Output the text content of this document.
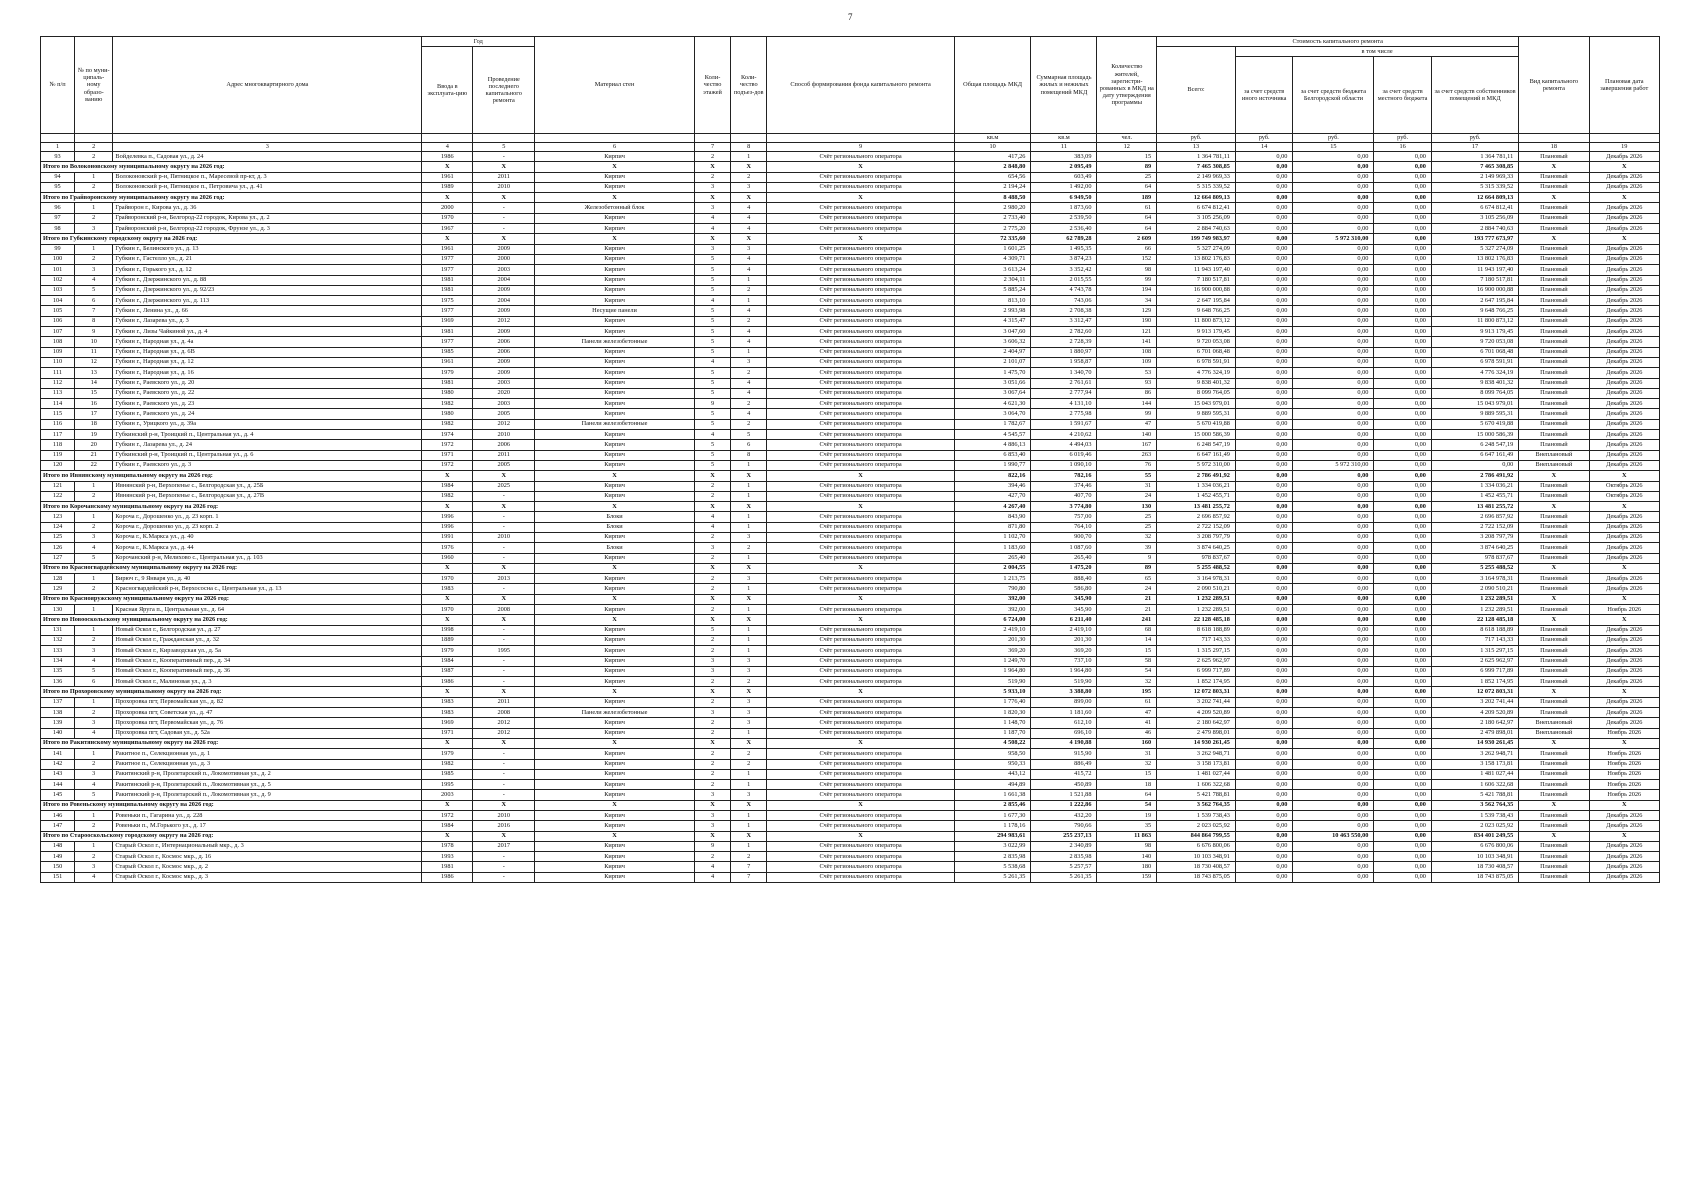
7
№ п/п	№ по муни-ципаль-ному образо-ванию	Адрес многоквартирного дома	Год		Материал стен	Коли-чество этажей	Коли-чество подъез-дов	Способ формирования фонда капитального ремонта	Общая площадь МКД	Суммарная площадь жилых и нежилых помещений МКД	Количество жителей, зарегистри-рованных в МКД на дату утверждения программы	Стоимость капитального ремонта					Вид капитального ремонта	Плановая дата завершения работ
			Ввода в эксплуата-цию	Проведение последнего капитального ремонта								Всего:	в том числе					
													за счет средств иного источника	за счет средств бюджета Белгородской области	за счет средств местного бюджета	за счет средств собственников помещений в МКД		
									кв.м	кв.м	чел.	руб.	руб.	руб.	руб.	руб.		
1	2	3	4	5	6	7	8	9	10	11	12	13	14	15	16	17	18	19
93	2	Войделевка п., Садовая ул., д. 24	1986	-	Кирпич	2	1	Счёт регионального оператора	417,26	383,09	15	1 364 781,11	0,00	0,00	0,00	1 364 781,11	Плановый	Декабрь 2026
Итого по Волоконовскому муниципальному округу на 2026 год:			X	X	X	X	X	X	2 848,80	2 095,49	89	7 465 308,85	0,00	0,00	0,00	7 465 308,85	X	X
94	1	Волоконовский р-н, Пятницкое п., Маресевой пр-кт, д. 3	1961	2011	Кирпич	2	2	Счёт регионального оператора	654,56	603,49	25	2 149 969,33	0,00	0,00	0,00	2 149 969,33	Плановый	Декабрь 2026
95	2	Волоконовский р-н, Пятницкое п., Петровича ул., д. 41	1989	2010	Кирпич	3	3	Счёт регионального оператора	2 194,24	1 492,00	64	5 315 339,52	0,00	0,00	0,00	5 315 339,52	Плановый	Декабрь 2026
Итого по Грайворонскому муниципальному округу на 2026 год:			X	X	X	X	X	X	8 488,50	6 949,50	189	12 664 809,13	0,00	0,00	0,00	12 664 809,13	X	X
96	1	Грайворон г., Кирова ул., д. 36	2000	-	Железобетонный блок	3	4	Счёт регионального оператора	2 980,20	1 873,60	61	6 674 812,41	0,00	0,00	0,00	6 674 812,41	Плановый	Декабрь 2026
97	2	Грайворонский р-н, Белгород-22 городок, Кирова ул., д. 2	1970	-	Кирпич	4	4	Счёт регионального оператора	2 733,40	2 539,50	64	3 105 256,09	0,00	0,00	0,00	3 105 256,09	Плановый	Декабрь 2026
98	3	Грайворонский р-н, Белгород-22 городок, Фрунзе ул., д. 3	1967	-	Кирпич	4	4	Счёт регионального оператора	2 775,20	2 536,40	64	2 884 740,63	0,00	0,00	0,00	2 884 740,63	Плановый	Декабрь 2026
Итого по Губкинскому городскому округу на 2026 год:			X	X	X	X	X	X	72 335,60	62 789,28	2 609	199 749 983,97	0,00	5 972 310,00	0,00	193 777 673,97	X	X
99	1	Губкин г., Белинского ул., д. 13	1961	2009	Кирпич	3	3	Счёт регионального оператора	1 601,25	1 495,35	66	5 327 274,09	0,00	0,00	0,00	5 327 274,09	Плановый	Декабрь 2026
100	2	Губкин г., Гастелло ул., д. 21	1977	2000	Кирпич	5	4	Счёт регионального оператора	4 309,71	3 874,23	152	13 802 176,83	0,00	0,00	0,00	13 802 176,83	Плановый	Декабрь 2026
101	3	Губкин г., Горького ул., д. 12	1977	2003	Кирпич	5	4	Счёт регионального оператора	3 613,24	3 352,42	98	11 943 197,40	0,00	0,00	0,00	11 943 197,40	Плановый	Декабрь 2026
102	4	Губкин г., Дзержинского ул., д. 88	1981	2004	Кирпич	5	1	Счёт регионального оператора	2 304,11	2 015,55	99	7 180 517,81	0,00	0,00	0,00	7 180 517,81	Плановый	Декабрь 2026
103	5	Губкин г., Дзержинского ул., д. 92/23	1981	2009	Кирпич	5	2	Счёт регионального оператора	5 885,24	4 743,78	194	16 900 000,88	0,00	0,00	0,00	16 900 000,88	Плановый	Декабрь 2026
104	6	Губкин г., Дзержинского ул., д. 113	1975	2004	Кирпич	4	1	Счёт регионального оператора	813,10	743,06	34	2 647 195,84	0,00	0,00	0,00	2 647 195,84	Плановый	Декабрь 2026
105	7	Губкин г., Ленина ул., д. 66	1977	2009	Несущие панели	5	4	Счёт регионального оператора	2 993,98	2 708,38	129	9 648 766,25	0,00	0,00	0,00	9 648 766,25	Плановый	Декабрь 2026
106	8	Губкин г., Лазарева ул., д. 3	1969	2012	Кирпич	5	2	Счёт регионального оператора	4 315,47	3 312,47	190	11 800 873,12	0,00	0,00	0,00	11 800 873,12	Плановый	Декабрь 2026
107	9	Губкин г., Лизы Чайкиной ул., д. 4	1981	2009	Кирпич	5	4	Счёт регионального оператора	3 047,60	2 782,60	121	9 913 179,45	0,00	0,00	0,00	9 913 179,45	Плановый	Декабрь 2026
108	10	Губкин г., Народная ул., д. 4а	1977	2006	Панели железобетонные	5	4	Счёт регионального оператора	3 606,32	2 728,39	141	9 720 053,08	0,00	0,00	0,00	9 720 053,08	Плановый	Декабрь 2026
109	11	Губкин г., Народная ул., д. 6В	1985	2006	Кирпич	5	1	Счёт регионального оператора	2 404,97	1 880,97	108	6 701 068,48	0,00	0,00	0,00	6 701 068,48	Плановый	Декабрь 2026
110	12	Губкин г., Народная ул., д. 12	1961	2009	Кирпич	4	3	Счёт регионального оператора	2 101,07	1 958,87	109	6 978 591,91	0,00	0,00	0,00	6 978 591,91	Плановый	Декабрь 2026
111	13	Губкин г., Народная ул., д. 16	1979	2009	Кирпич	5	2	Счёт регионального оператора	1 475,70	1 340,70	53	4 776 324,19	0,00	0,00	0,00	4 776 324,19	Плановый	Декабрь 2026
112	14	Губкин г., Раевского ул., д. 20	1981	2003	Кирпич	5	4	Счёт регионального оператора	3 051,66	2 761,61	93	9 838 401,32	0,00	0,00	0,00	9 838 401,32	Плановый	Декабрь 2026
113	15	Губкин г., Раевского ул., д. 22	1980	2020	Кирпич	5	4	Счёт регионального оператора	3 067,64	2 777,94	86	8 099 764,05	0,00	0,00	0,00	8 099 764,05	Плановый	Декабрь 2026
114	16	Губкин г., Раевского ул., д. 23	1982	2003	Кирпич	9	2	Счёт регионального оператора	4 621,30	4 131,10	144	15 043 979,01	0,00	0,00	0,00	15 043 979,01	Плановый	Декабрь 2026
115	17	Губкин г., Раевского ул., д. 24	1980	2005	Кирпич	5	4	Счёт регионального оператора	3 064,70	2 775,98	99	9 889 595,31	0,00	0,00	0,00	9 889 595,31	Плановый	Декабрь 2026
116	18	Губкин г., Урицкого ул., д. 39а	1982	2012	Панели железобетонные	5	2	Счёт регионального оператора	1 782,67	1 591,67	47	5 670 419,88	0,00	0,00	0,00	5 670 419,88	Плановый	Декабрь 2026
117	19	Губкинский р-н, Троицкий п., Центральная ул., д. 4	1974	2010	Кирпич	4	5	Счёт регионального оператора	4 545,57	4 210,62	140	15 000 586,39	0,00	0,00	0,00	15 000 586,39	Плановый	Декабрь 2026
118	20	Губкин г., Лазарева ул., д. 24	1972	2006	Кирпич	5	6	Счёт регионального оператора	4 886,13	4 494,03	167	6 248 547,19	0,00	0,00	0,00	6 248 547,19	Плановый	Декабрь 2026
119	21	Губкинский р-н, Троицкий п., Центральная ул., д. 6	1971	2011	Кирпич	5	8	Счёт регионального оператора	6 853,40	6 019,46	263	6 647 161,49	0,00	0,00	0,00	6 647 161,49	Внеплановый	Декабрь 2026
120	22	Губкин г., Раевского ул., д. 3	1972	2005	Кирпич	5	1	Счёт регионального оператора	1 990,77	1 090,10	76	5 972 310,00	0,00	5 972 310,00	0,00	0,00	Внеплановый	Декабрь 2026
Итого по Ивнянскому муниципальному округу на 2026 год:			X	X	X	X	X	X	822,16	782,16	55	2 786 491,92	0,00	0,00	0,00	2 786 491,92	X	X
121	1	Ивнянский р-н, Верхопенье с., Белгородская ул., д. 25Б	1984	2025	Кирпич	2	1	Счёт регионального оператора	394,46	374,46	31	1 334 036,21	0,00	0,00	0,00	1 334 036,21	Плановый	Октябрь 2026
122	2	Ивнянский р-н, Верхопенье с., Белгородская ул., д. 27В	1982	-	Кирпич	2	1	Счёт регионального оператора	427,70	407,70	24	1 452 455,71	0,00	0,00	0,00	1 452 455,71	Плановый	Октябрь 2026
Итого по Корочанскому муниципальному округу на 2026 год:			X	X	X	X	X	X	4 267,40	3 774,80	130	13 481 255,72	0,00	0,00	0,00	13 481 255,72	X	X
123	1	Короча г., Дорошенко ул., д. 23 корп. 1	1996	-	Блоки	4	1	Счёт регионального оператора	843,90	757,00	25	2 696 857,92	0,00	0,00	0,00	2 696 857,92	Плановый	Декабрь 2026
124	2	Короча г., Дорошенко ул., д. 23 корп. 2	1996	-	Блоки	4	1	Счёт регионального оператора	871,80	764,10	25	2 722 152,09	0,00	0,00	0,00	2 722 152,09	Плановый	Декабрь 2026
125	3	Короча г., К.Маркса ул., д. 40	1991	2010	Кирпич	2	3	Счёт регионального оператора	1 102,70	900,70	32	3 208 797,79	0,00	0,00	0,00	3 208 797,79	Плановый	Декабрь 2026
126	4	Короча г., К.Маркса ул., д. 44	1976	-	Блоки	3	2	Счёт регионального оператора	1 183,60	1 087,60	39	3 874 640,25	0,00	0,00	0,00	3 874 640,25	Плановый	Декабрь 2026
127	5	Корочанский р-н, Мелихово с., Центральная ул., д. 103	1960	-	Кирпич	2	1	Счёт регионального оператора	265,40	265,40	9	978 837,67	0,00	0,00	0,00	978 837,67	Плановый	Декабрь 2026
Итого по Красногвардейскому муниципальному округу на 2026 год:			X	X	X	X	X	X	2 004,55	1 475,20	89	5 255 488,52	0,00	0,00	0,00	5 255 488,52	X	X
128	1	Бирюч г., 9 Января ул., д. 40	1970	2013	Кирпич	2	3	Счёт регионального оператора	1 213,75	888,40	65	3 164 978,31	0,00	0,00	0,00	3 164 978,31	Плановый	Декабрь 2026
129	2	Красногвардейский р-н, Верхососна с., Центральная ул., д. 13	1983	-	Кирпич	2	1	Счёт регионального оператора	790,80	586,80	24	2 090 510,21	0,00	0,00	0,00	2 090 510,21	Плановый	Декабрь 2026
Итого по Краснояружскому муниципальному округу на 2026 год:			X	X	X	X	X	X	392,00	345,90	21	1 232 289,51	0,00	0,00	0,00	1 232 289,51	X	X
130	1	Красная Яруга п., Центральная ул., д. 64	1970	2008	Кирпич	2	1	Счёт регионального оператора	392,00	345,90	21	1 232 289,51	0,00	0,00	0,00	1 232 289,51	Плановый	Ноябрь 2026
Итого по Новооскольскому муниципальному округу на 2026 год:			X	X	X	X	X	X	6 724,00	6 211,40	241	22 128 485,18	0,00	0,00	0,00	22 128 485,18	X	X
131	1	Новый Оскол г., Белгородская ул., д. 27	1998	-	Кирпич	5	1	Счёт регионального оператора	2 419,10	2 419,10	68	8 618 188,89	0,00	0,00	0,00	8 618 188,89	Плановый	Декабрь 2026
132	2	Новый Оскол г., Гражданская ул., д. 32	1889	-	Кирпич	2	1	Счёт регионального оператора	201,30	201,30	14	717 143,33	0,00	0,00	0,00	717 143,33	Плановый	Декабрь 2026
133	3	Новый Оскол г., Кирзаводская ул., д. 5а	1979	1995	Кирпич	2	1	Счёт регионального оператора	369,20	369,20	15	1 315 297,15	0,00	0,00	0,00	1 315 297,15	Плановый	Декабрь 2026
134	4	Новый Оскол г., Кооперативный пер., д. 34	1984	-	Кирпич	3	3	Счёт регионального оператора	1 249,70	737,10	58	2 625 962,97	0,00	0,00	0,00	2 625 962,97	Плановый	Декабрь 2026
135	5	Новый Оскол г., Кооперативный пер., д. 36	1987	-	Кирпич	3	3	Счёт регионального оператора	1 964,80	1 964,80	54	6 999 717,89	0,00	0,00	0,00	6 999 717,89	Плановый	Декабрь 2026
136	6	Новый Оскол г., Малиновая ул., д. 3	1986	-	Кирпич	2	2	Счёт регионального оператора	519,90	519,90	32	1 852 174,95	0,00	0,00	0,00	1 852 174,95	Плановый	Декабрь 2026
Итого по Прохоровскому муниципальному округу на 2026 год:			X	X	X	X	X	X	5 933,10	3 388,80	195	12 072 803,31	0,00	0,00	0,00	12 072 803,31	X	X
137	1	Прохоровка пгт, Первомайская ул., д. 82	1983	2011	Кирпич	2	3	Счёт регионального оператора	1 776,40	899,00	61	3 202 741,44	0,00	0,00	0,00	3 202 741,44	Плановый	Декабрь 2026
138	2	Прохоровка пгт, Советская ул., д. 47	1983	2008	Панели железобетонные	3	3	Счёт регионального оператора	1 820,30	1 181,60	47	4 209 520,89	0,00	0,00	0,00	4 209 520,89	Плановый	Декабрь 2026
139	3	Прохоровка пгт, Первомайская ул., д. 76	1969	2012	Кирпич	2	3	Счёт регионального оператора	1 148,70	612,10	41	2 180 642,97	0,00	0,00	0,00	2 180 642,97	Внеплановый	Декабрь 2026
140	4	Прохоровка пгт, Садовая ул., д. 52а	1971	2012	Кирпич	2	1	Счёт регионального оператора	1 187,70	696,10	46	2 479 898,01	0,00	0,00	0,00	2 479 898,01	Внеплановый	Ноябрь 2026
Итого по Ракитянскому муниципальному округу на 2026 год:			X	X	X	X	X	X	4 508,22	4 190,88	160	14 930 261,45	0,00	0,00	0,00	14 930 261,45	X	X
141	1	Ракитное п., Селекционная ул., д. 1	1979	-	Кирпич	2	2	Счёт регионального оператора	958,50	915,90	31	3 262 948,71	0,00	0,00	0,00	3 262 948,71	Плановый	Ноябрь 2026
142	2	Ракитное п., Селекционная ул., д. 3	1982	-	Кирпич	2	2	Счёт регионального оператора	950,33	886,49	32	3 158 173,81	0,00	0,00	0,00	3 158 173,81	Плановый	Ноябрь 2026
143	3	Ракитянский р-н, Пролетарский п., Локомотивная ул., д. 2	1985	-	Кирпич	2	1	Счёт регионального оператора	443,12	415,72	15	1 481 027,44	0,00	0,00	0,00	1 481 027,44	Плановый	Ноябрь 2026
144	4	Ракитянский р-н, Пролетарский п., Локомотивная ул., д. 5	1995	-	Кирпич	2	1	Счёт регионального оператора	494,89	450,89	18	1 606 322,68	0,00	0,00	0,00	1 606 322,68	Плановый	Ноябрь 2026
145	5	Ракитянский р-н, Пролетарский п., Локомотивная ул., д. 9	2003	-	Кирпич	3	3	Счёт регионального оператора	1 661,38	1 521,88	64	5 421 788,81	0,00	0,00	0,00	5 421 788,81	Плановый	Ноябрь 2026
Итого по Ровеньскому муниципальному округу на 2026 год:			X	X	X	X	X	X	2 855,46	1 222,86	54	3 562 764,35	0,00	0,00	0,00	3 562 764,35	X	X
146	1	Ровеньки п., Гагарина ул., д. 228	1972	2010	Кирпич	3	1	Счёт регионального оператора	1 677,30	432,20	19	1 539 738,43	0,00	0,00	0,00	1 539 738,43	Плановый	Декабрь 2026
147	2	Ровеньки п., М.Горького ул., д. 17	1984	2016	Кирпич	3	1	Счёт регионального оператора	1 178,16	790,66	35	2 023 025,92	0,00	0,00	0,00	2 023 025,92	Плановый	Декабрь 2026
Итого по Старооскольскому городскому округу на 2026 год:			X	X	X	X	X	X	294 983,61	255 237,13	11 863	844 864 799,55	0,00	10 463 550,00	0,00	834 401 249,55	X	X
148	1	Старый Оскол г., Интернациональный мкр., д. 3	1978	2017	Кирпич	9	1	Счёт регионального оператора	3 022,99	2 340,89	98	6 676 800,06	0,00	0,00	0,00	6 676 800,06	Плановый	Декабрь 2026
149	2	Старый Оскол г., Космос мкр., д. 16	1993	-	Кирпич	2	2	Счёт регионального оператора	2 835,98	2 835,98	140	10 103 348,91	0,00	0,00	0,00	10 103 348,91	Плановый	Декабрь 2026
150	3	Старый Оскол г., Космос мкр., д. 2	1981	-	Кирпич	4	7	Счёт регионального оператора	5 538,68	5 257,57	180	18 730 408,57	0,00	0,00	0,00	18 730 408,57	Плановый	Декабрь 2026
151	4	Старый Оскол г., Космос мкр., д. 3	1986	-	Кирпич	4	7	Счёт регионального оператора	5 261,35	5 261,35	159	18 743 875,05	0,00	0,00	0,00	18 743 875,05	Плановый	Декабрь 2026
